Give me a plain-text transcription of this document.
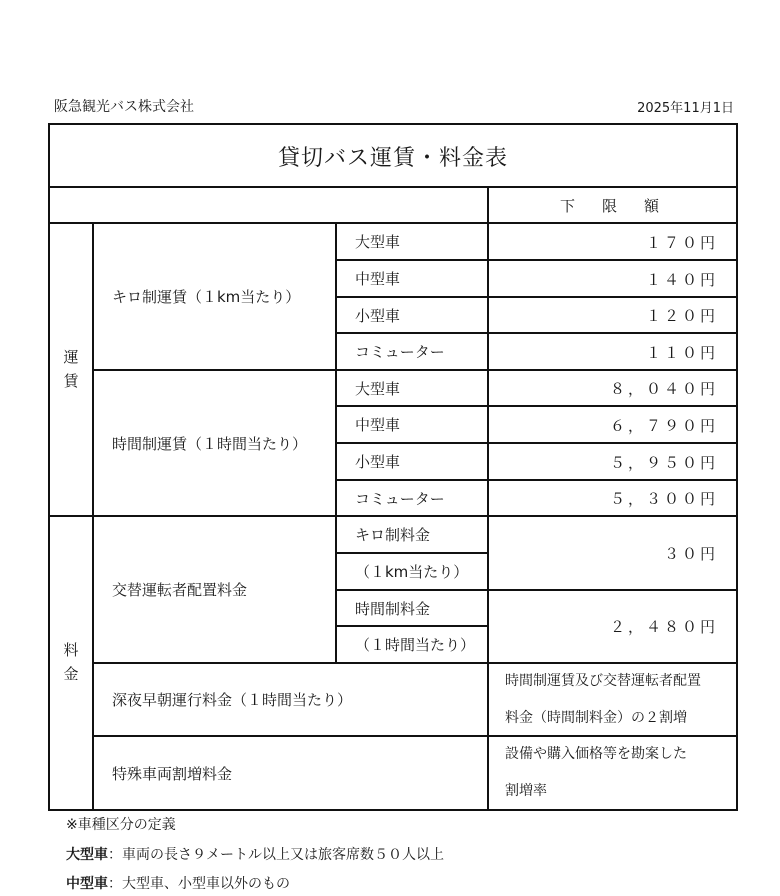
阪急観光バス株式会社	2025年11月1日
貸切バス運賃・料金表
下　限　額
運賃
料金
キロ制運賃（１km当たり）
大型車
中型車
小型車
コミューター
１７０円
１４０円
１２０円
１１０円
時間制運賃（１時間当たり）
大型車
中型車
小型車
コミューター
８，０４０円
６，７９０円
５，９５０円
５，３００円
交替運転者配置料金
キロ制料金
（１km当たり）
時間制料金
（１時間当たり）
３０円
２，４８０円
深夜早朝運行料金（１時間当たり）
時間制運賃及び交替運転者配置
料金（時間制料金）の２割増
特殊車両割増料金
設備や購入価格等を勘案した
割増率
※車種区分の定義
大型車：車両の長さ９メートル以上又は旅客席数５０人以上
中型車：大型車、小型車以外のもの
